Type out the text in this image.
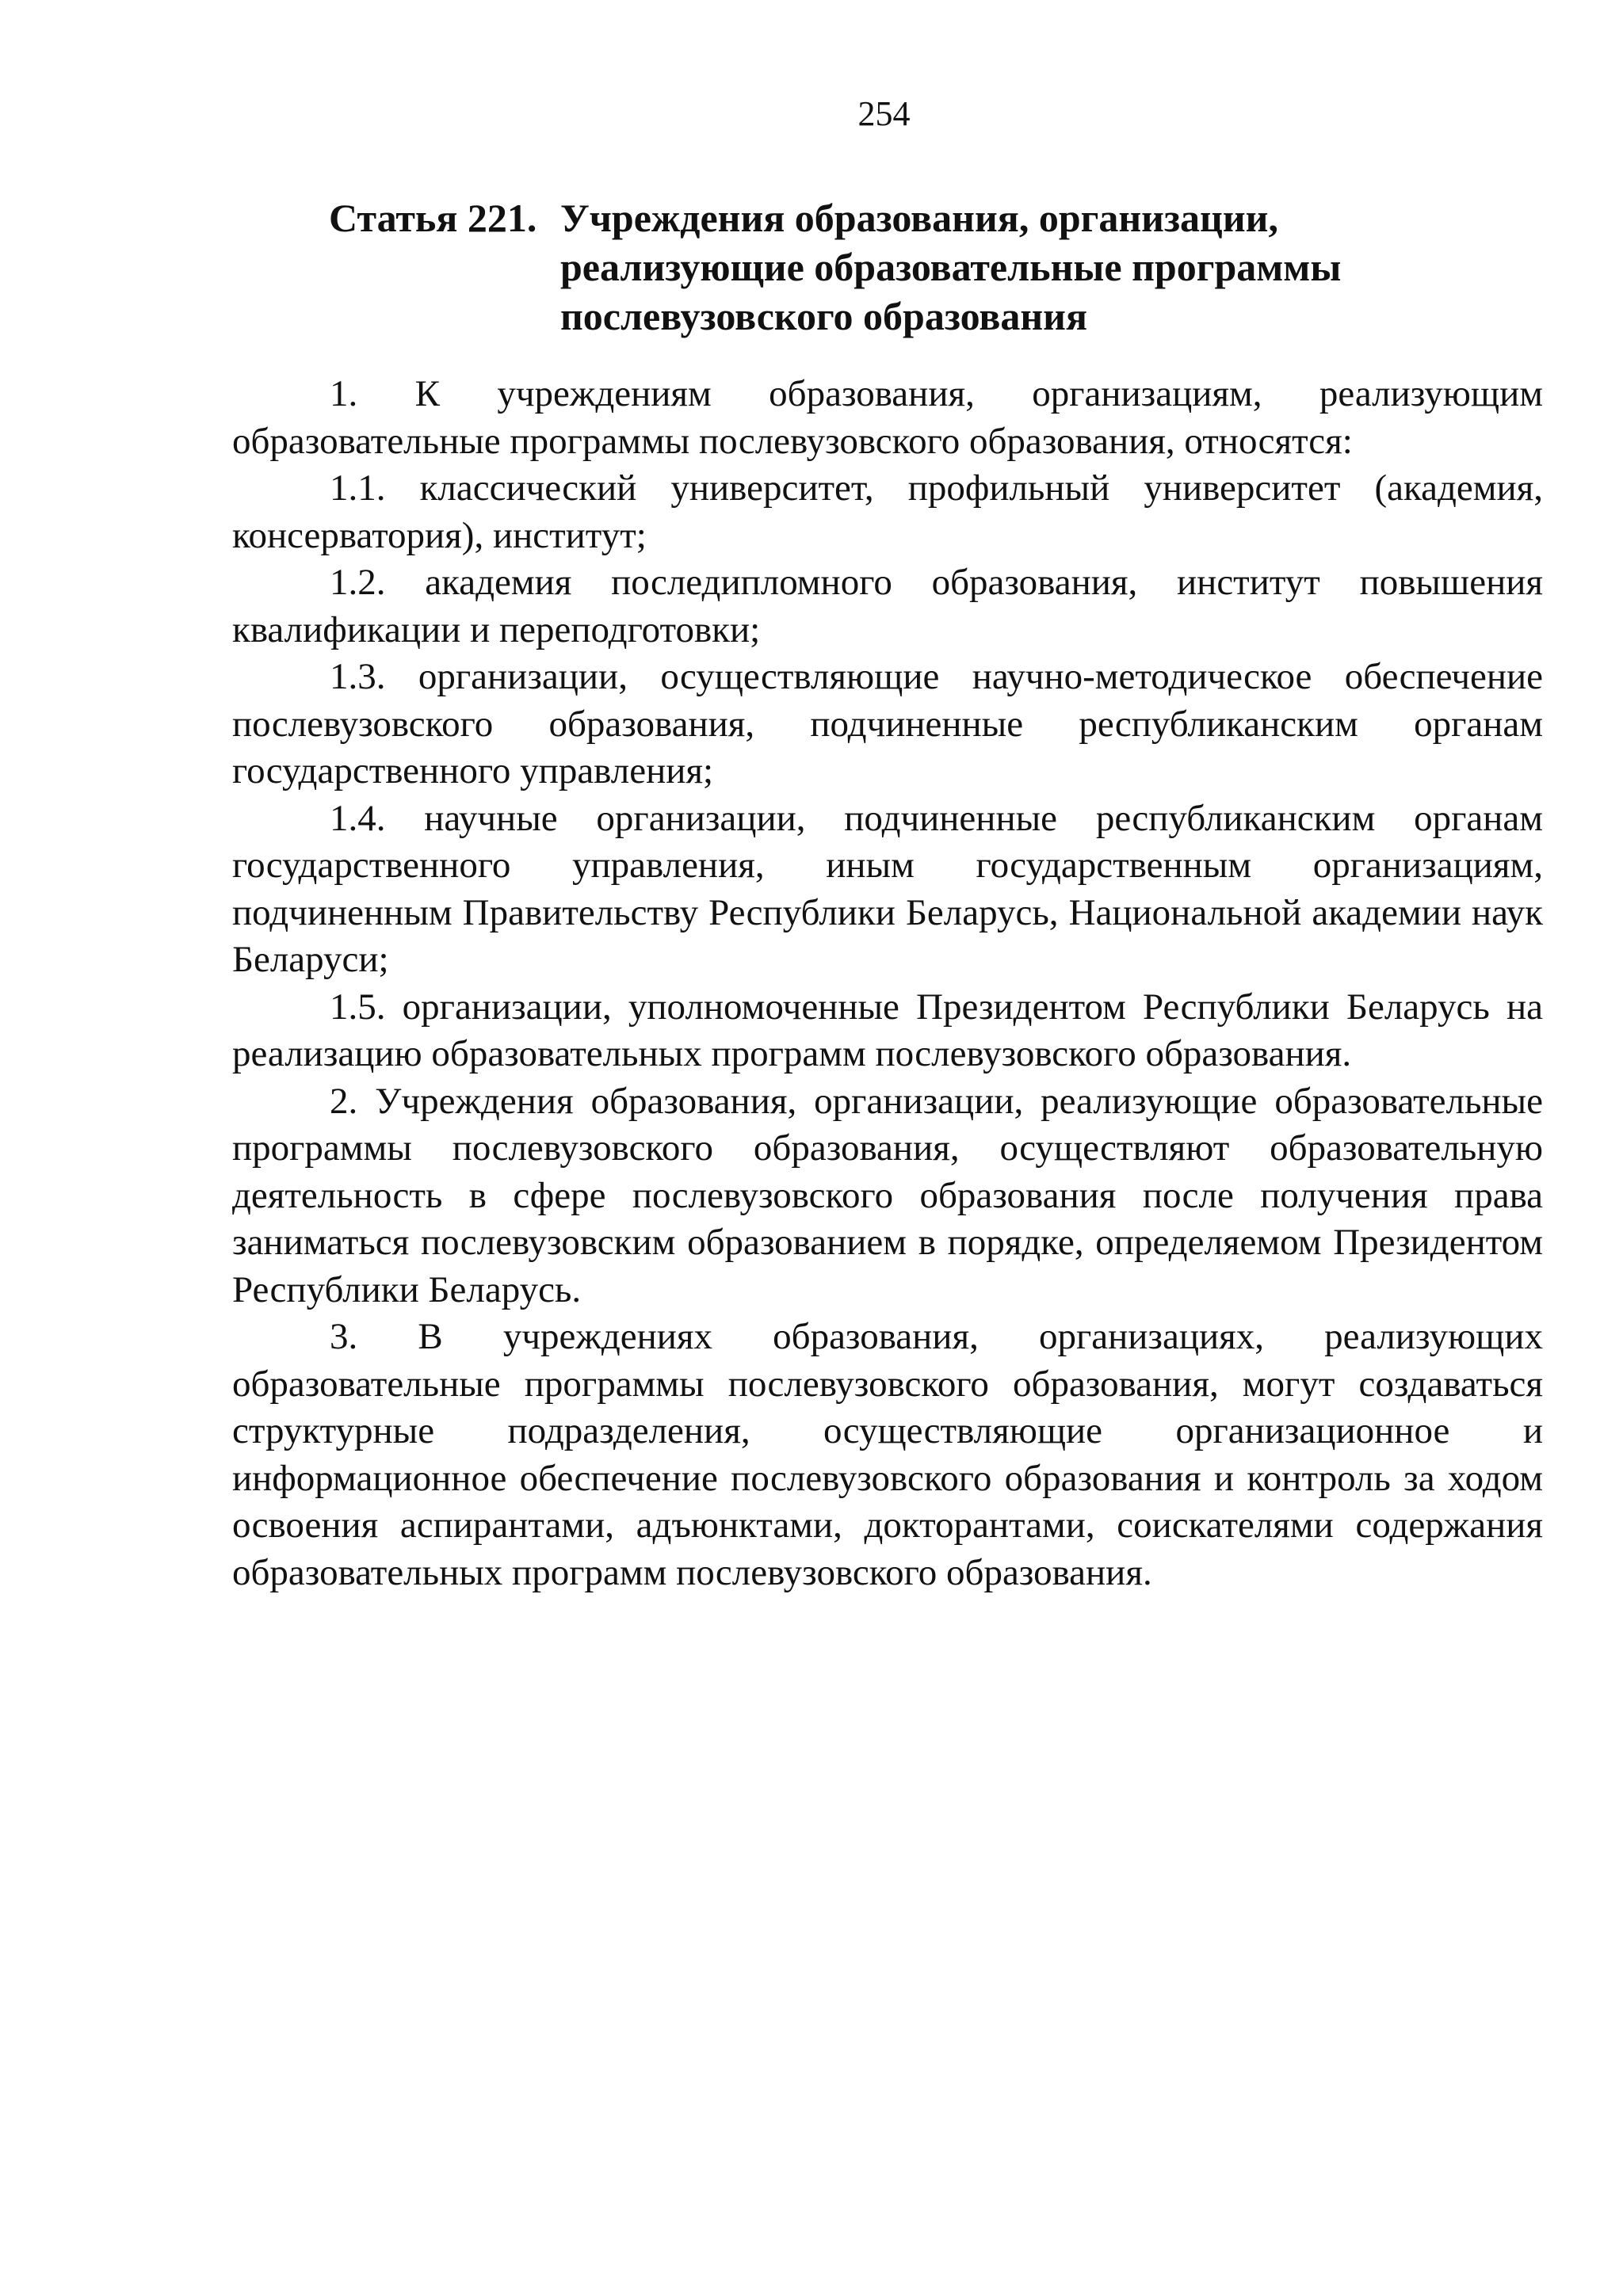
254
Статья 221. Учреждения образования, организации,
реализующие образовательные программы
послевузовского образования

1. К учреждениям образования, организациям, реализующим образовательные программы послевузовского образования, относятся:

1.1. классический университет, профильный университет (академия, консерватория), институт;

1.2. академия последипломного образования, институт повышения квалификации и переподготовки;

1.3. организации, осуществляющие научно-методическое обеспечение послевузовского образования, подчиненные республиканским органам государственного управления;

1.4. научные организации, подчиненные республиканским органам государственного управления, иным государственным организациям, подчиненным Правительству Республики Беларусь, Национальной академии наук Беларуси;

1.5. организации, уполномоченные Президентом Республики Беларусь на реализацию образовательных программ послевузовского образования.

2. Учреждения образования, организации, реализующие образовательные программы послевузовского образования, осуществляют образовательную деятельность в сфере послевузовского образования после получения права заниматься послевузовским образованием в порядке, определяемом Президентом Республики Беларусь.

3. В учреждениях образования, организациях, реализующих образовательные программы послевузовского образования, могут создаваться структурные подразделения, осуществляющие организационное и информационное обеспечение послевузовского образования и контроль за ходом освоения аспирантами, адъюнктами, докторантами, соискателями содержания образовательных программ послевузовского образования.
